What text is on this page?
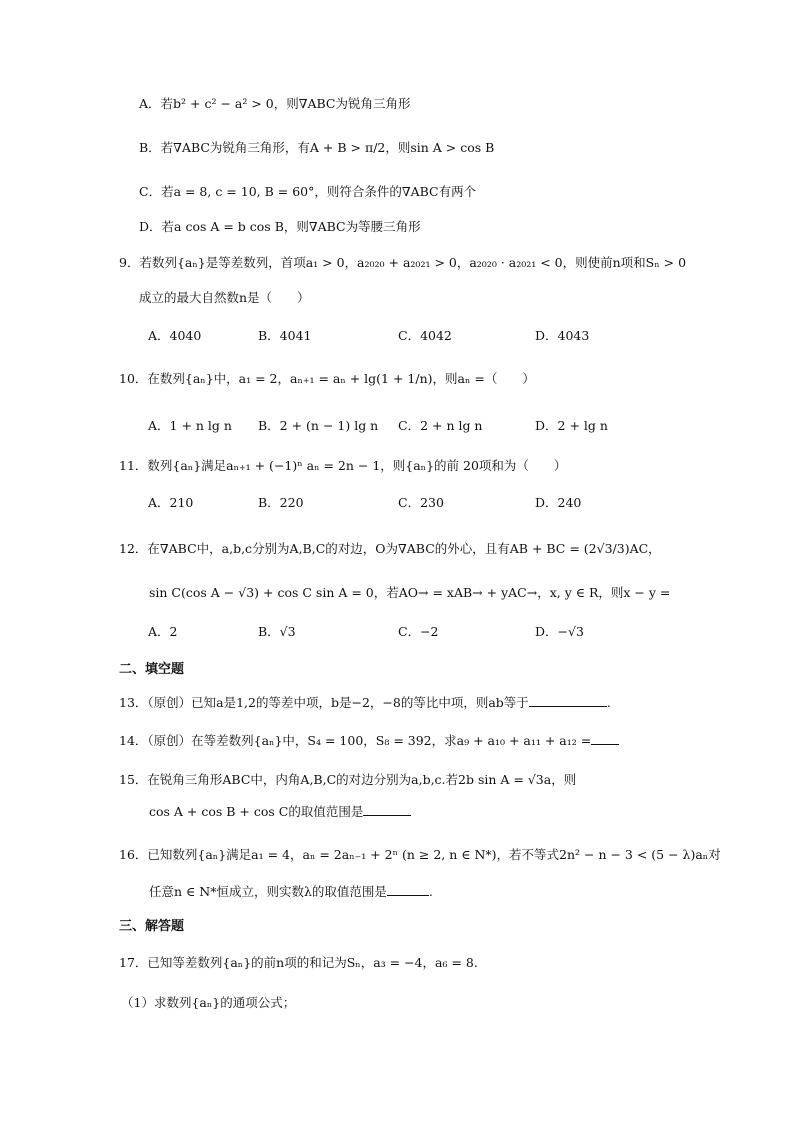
A．若b² + c² − a² > 0，则∇ABC为锐角三角形
B．若∇ABC为锐角三角形，有A + B > π/2，则sin A > cos B
C．若a = 8, c = 10, B = 60°，则符合条件的∇ABC有两个
D．若a cos A = b cos B，则∇ABC为等腰三角形
9．若数列{aₙ}是等差数列，首项a₁ > 0，a₂₀₂₀ + a₂₀₂₁ > 0，a₂₀₂₀ · a₂₀₂₁ < 0，则使前n项和Sₙ > 0
成立的最大自然数n是（　　）
A．4040	B．4041	C．4042	D．4043
10．在数列{aₙ}中，a₁ = 2，aₙ₊₁ = aₙ + lg(1 + 1/n)，则aₙ =（　　）
A．1 + n lg n B．2 + (n − 1) lg n C．2 + n lg n	D．2 + lg n
11．数列{aₙ}满足aₙ₊₁ + (−1)ⁿ aₙ = 2n − 1，则{aₙ}的前 20项和为（　　）
A．210	B．220	C．230	D．240
12．在∇ABC中，a,b,c分别为A,B,C的对边，O为∇ABC的外心，且有AB + BC = (2√3/3)AC，
sin C(cos A − √3) + cos C sin A = 0，若AO→ = xAB→ + yAC→，x, y ∈ R，则x − y =
A．2	B．√3	C．−2	D．−√3
二、填空题
13．（原创）已知a是1,2的等差中项，b是−2，−8的等比中项，则ab等于	.
14．（原创）在等差数列{aₙ}中，S₄ = 100，S₈ = 392，求a₉ + a₁₀ + a₁₁ + a₁₂ =
15．在锐角三角形ABC中，内角A,B,C的对边分别为a,b,c.若2b sin A = √3a，则
cos A + cos B + cos C的取值范围是
16．已知数列{aₙ}满足a₁ = 4，aₙ = 2aₙ₋₁ + 2ⁿ (n ≥ 2, n ∈ N*)，若不等式2n² − n − 3 < (5 − λ)aₙ对
任意n ∈ N*恒成立，则实数λ的取值范围是	.
三、解答题
17．已知等差数列{aₙ}的前n项的和记为Sₙ，a₃ = −4，a₆ = 8.
（1）求数列{aₙ}的通项公式；
